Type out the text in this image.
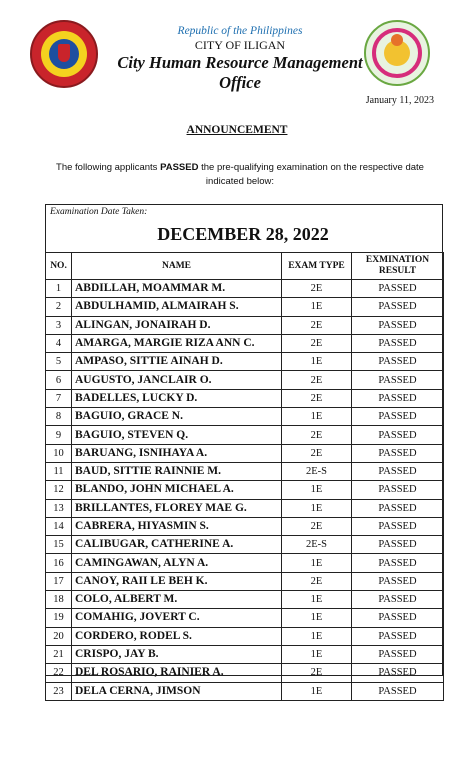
Republic of the Philippines
CITY OF ILIGAN
City Human Resource Management Office
January 11, 2023
ANNOUNCEMENT
The following applicants PASSED the pre-qualifying examination on the respective date indicated below:
Examination Date Taken:
DECEMBER 28, 2022
NO.	NAME	EXAM TYPE	EXMINATION RESULT
1	ABDILLAH, MOAMMAR M.	2E	PASSED
2	ABDULHAMID, ALMAIRAH S.	1E	PASSED
3	ALINGAN, JONAIRAH D.	2E	PASSED
4	AMARGA, MARGIE RIZA ANN C.	2E	PASSED
5	AMPASO, SITTIE AINAH D.	1E	PASSED
6	AUGUSTO, JANCLAIR O.	2E	PASSED
7	BADELLES, LUCKY D.	2E	PASSED
8	BAGUIO, GRACE N.	1E	PASSED
9	BAGUIO, STEVEN Q.	2E	PASSED
10	BARUANG, ISNIHAYA A.	2E	PASSED
11	BAUD, SITTIE RAINNIE M.	2E-S	PASSED
12	BLANDO, JOHN MICHAEL A.	1E	PASSED
13	BRILLANTES, FLOREY MAE G.	1E	PASSED
14	CABRERA, HIYASMIN S.	2E	PASSED
15	CALIBUGAR, CATHERINE A.	2E-S	PASSED
16	CAMINGAWAN, ALYN A.	1E	PASSED
17	CANOY, RAII LE BEH K.	2E	PASSED
18	COLO, ALBERT M.	1E	PASSED
19	COMAHIG, JOVERT C.	1E	PASSED
20	CORDERO, RODEL S.	1E	PASSED
21	CRISPO, JAY B.	1E	PASSED
22	DEL ROSARIO, RAINIER A.	2E	PASSED
23	DELA CERNA, JIMSON	1E	PASSED
